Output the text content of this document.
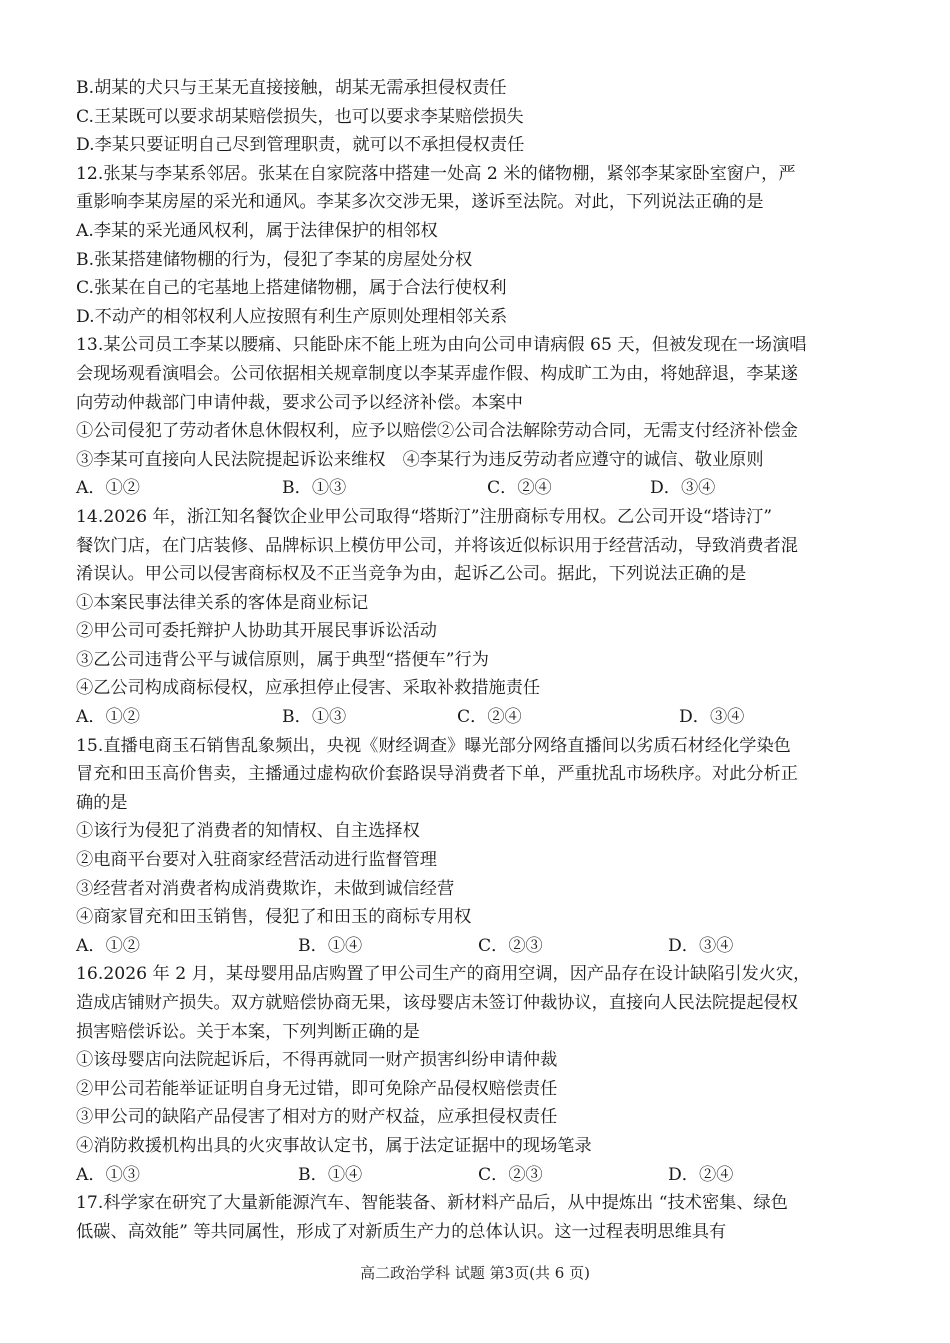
B.胡某的犬只与王某无直接接触，胡某无需承担侵权责任
C.王某既可以要求胡某赔偿损失，也可以要求李某赔偿损失
D.李某只要证明自己尽到管理职责，就可以不承担侵权责任
12.张某与李某系邻居。张某在自家院落中搭建一处高 2 米的储物棚，紧邻李某家卧室窗户，严
重影响李某房屋的采光和通风。李某多次交涉无果，遂诉至法院。对此，下列说法正确的是
A.李某的采光通风权利，属于法律保护的相邻权
B.张某搭建储物棚的行为，侵犯了李某的房屋处分权
C.张某在自己的宅基地上搭建储物棚，属于合法行使权利
D.不动产的相邻权利人应按照有利生产原则处理相邻关系
13.某公司员工李某以腰痛、只能卧床不能上班为由向公司申请病假 65 天，但被发现在一场演唱
会现场观看演唱会。公司依据相关规章制度以李某弄虚作假、构成旷工为由，将她辞退，李某遂
向劳动仲裁部门申请仲裁，要求公司予以经济补偿。本案中
①公司侵犯了劳动者休息休假权利，应予以赔偿②公司合法解除劳动合同，无需支付经济补偿金
③李某可直接向人民法院提起诉讼来维权　④李某行为违反劳动者应遵守的诚信、敬业原则
A．①②	B．①③	C．②④	D．③④
14.2026 年，浙江知名餐饮企业甲公司取得“塔斯汀”注册商标专用权。乙公司开设“塔诗汀”
餐饮门店，在门店装修、品牌标识上模仿甲公司，并将该近似标识用于经营活动，导致消费者混
淆误认。甲公司以侵害商标权及不正当竞争为由，起诉乙公司。据此，下列说法正确的是
①本案民事法律关系的客体是商业标记
②甲公司可委托辩护人协助其开展民事诉讼活动
③乙公司违背公平与诚信原则，属于典型“搭便车”行为
④乙公司构成商标侵权，应承担停止侵害、采取补救措施责任
A．①②	B．①③	C．②④	D．③④
15.直播电商玉石销售乱象频出，央视《财经调查》曝光部分网络直播间以劣质石材经化学染色
冒充和田玉高价售卖，主播通过虚构砍价套路误导消费者下单，严重扰乱市场秩序。对此分析正
确的是
①该行为侵犯了消费者的知情权、自主选择权
②电商平台要对入驻商家经营活动进行监督管理
③经营者对消费者构成消费欺诈，未做到诚信经营
④商家冒充和田玉销售，侵犯了和田玉的商标专用权
A．①②	B．①④	C．②③	D．③④
16.2026 年 2 月，某母婴用品店购置了甲公司生产的商用空调，因产品存在设计缺陷引发火灾，
造成店铺财产损失。双方就赔偿协商无果，该母婴店未签订仲裁协议，直接向人民法院提起侵权
损害赔偿诉讼。关于本案，下列判断正确的是
①该母婴店向法院起诉后，不得再就同一财产损害纠纷申请仲裁
②甲公司若能举证证明自身无过错，即可免除产品侵权赔偿责任
③甲公司的缺陷产品侵害了相对方的财产权益，应承担侵权责任
④消防救援机构出具的火灾事故认定书，属于法定证据中的现场笔录
A．①③	B．①④	C．②③	D．②④
17.科学家在研究了大量新能源汽车、智能装备、新材料产品后，从中提炼出 “技术密集、绿色
低碳、高效能” 等共同属性，形成了对新质生产力的总体认识。这一过程表明思维具有
高二政治学科 试题 第3页(共 6 页)
